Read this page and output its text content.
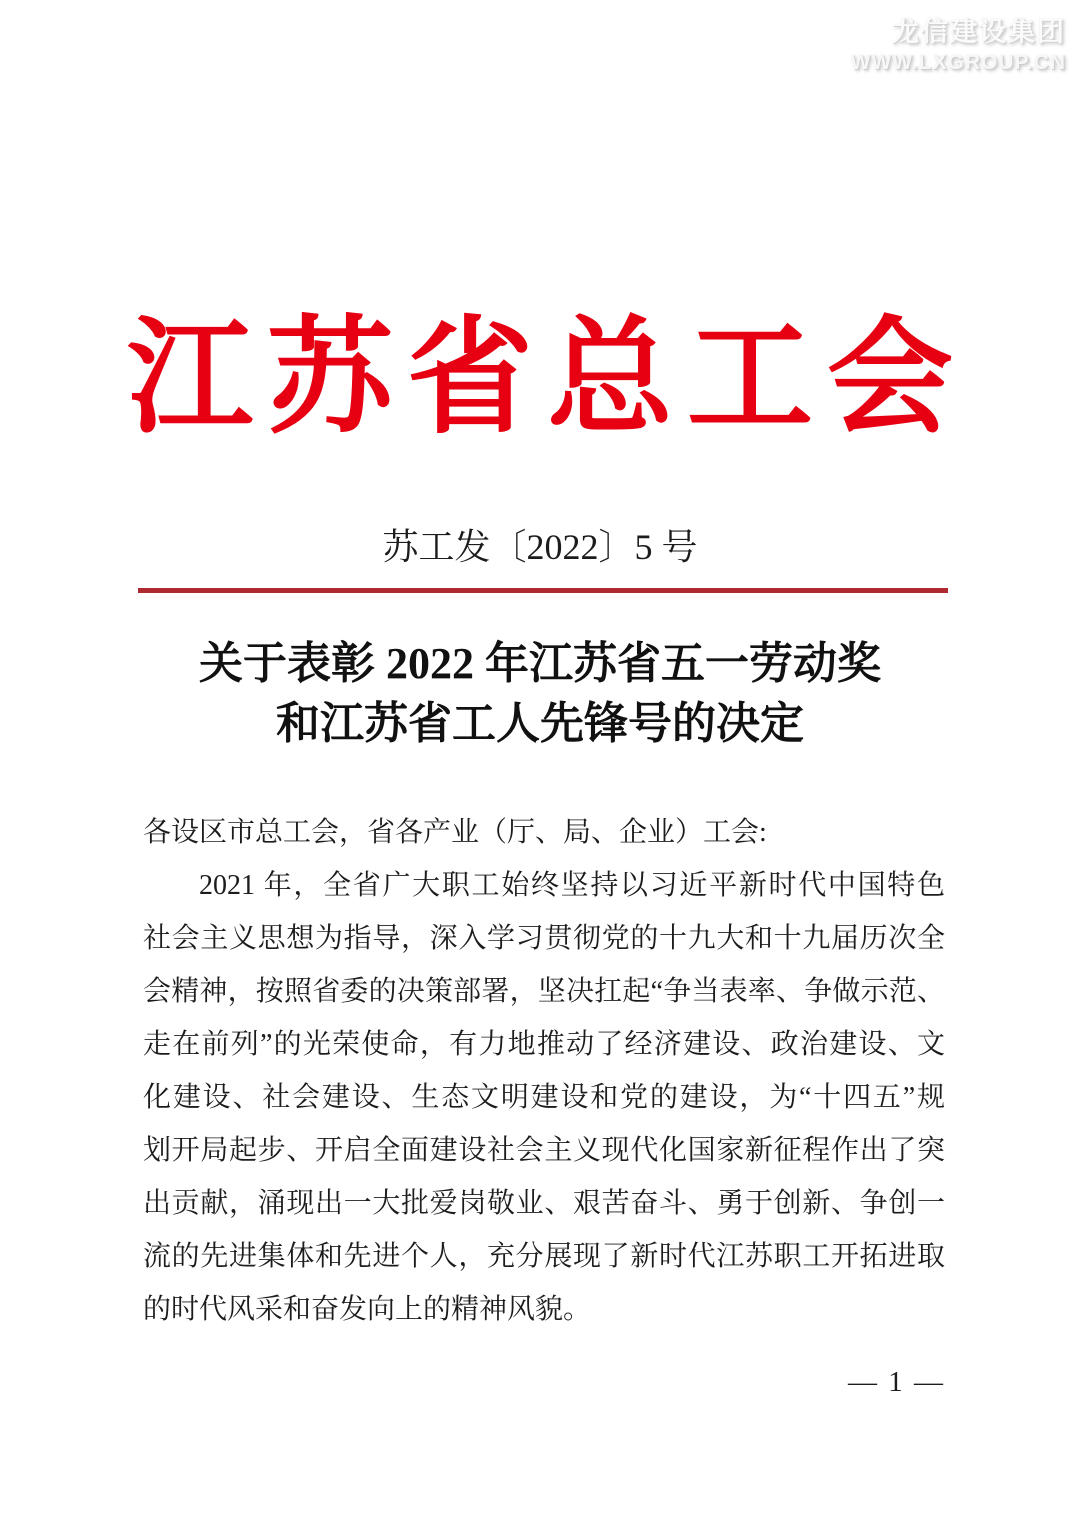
龙信建设集团
WWW.LXGROUP.CN
江苏省总工会
苏工发〔2022〕5 号
关于表彰 2022 年江苏省五一劳动奖
和江苏省工人先锋号的决定
各设区市总工会，省各产业（厅、局、企业）工会:
2021 年，全省广大职工始终坚持以习近平新时代中国特色
社会主义思想为指导，深入学习贯彻党的十九大和十九届历次全
会精神，按照省委的决策部署，坚决扛起“争当表率、争做示范、
走在前列”的光荣使命，有力地推动了经济建设、政治建设、文
化建设、社会建设、生态文明建设和党的建设，为“十四五”规
划开局起步、开启全面建设社会主义现代化国家新征程作出了突
出贡献，涌现出一大批爱岗敬业、艰苦奋斗、勇于创新、争创一
流的先进集体和先进个人，充分展现了新时代江苏职工开拓进取
的时代风采和奋发向上的精神风貌。
— 1 —
